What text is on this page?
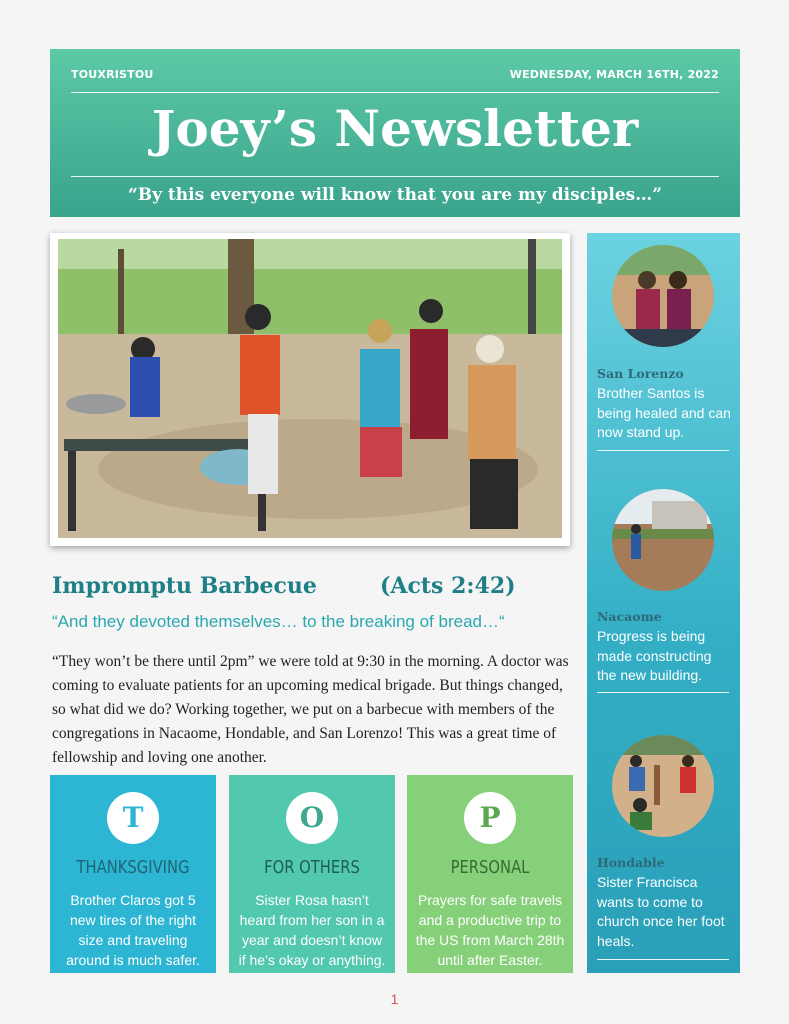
TOUXRISTOU	WEDNESDAY, MARCH 16TH, 2022
Joey’s Newsletter
“By this everyone will know that you are my disciples…”
Impromptu Barbecue	(Acts 2:42)
“And they devoted themselves… to the breaking of bread…“
“They won’t be there until 2pm” we were told at 9:30 in the morning. A doctor was coming to evaluate patients for an upcoming medical brigade. But things changed, so what did we do? Working together, we put on a barbecue with members of the congregations in Nacaome, Hondable, and San Lorenzo! This was a great time of fellowship and loving one another.
T
THANKSGIVING
Brother Claros got 5 new tires of the right size and traveling around is much safer.
O
FOR OTHERS
Sister Rosa hasn’t heard from her son in a year and doesn’t know if he’s okay or anything.
P
PERSONAL
Prayers for safe travels and a productive trip to the US from March 28th until after Easter.
San Lorenzo
Brother Santos is being healed and can now stand up.
Nacaome
Progress is being made constructing the new building.
Hondable
Sister Francisca wants to come to church once her foot heals.
1
